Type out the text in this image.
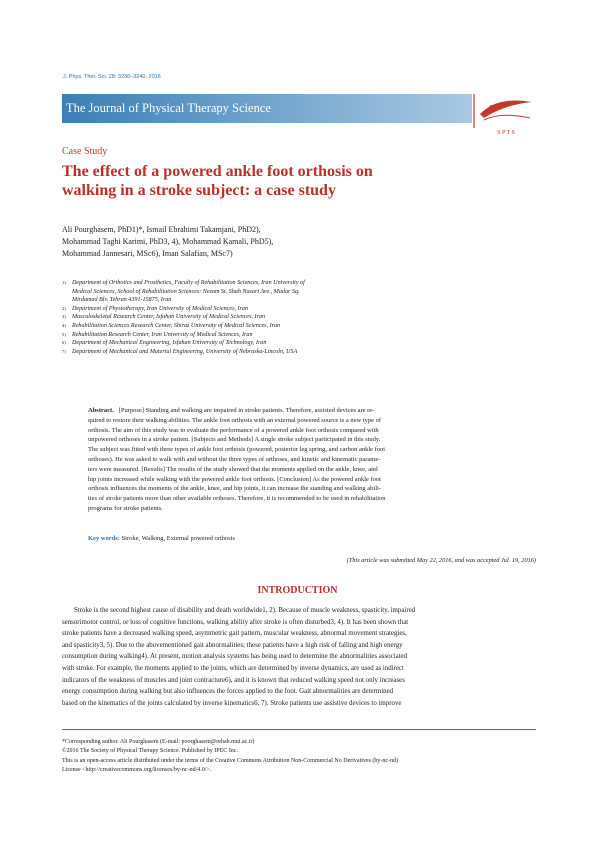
J. Phys. Ther. Sci. 28: 3236–3240, 2016
The Journal of Physical Therapy Science
S P T S
Case Study
The effect of a powered ankle foot orthosis on
walking in a stroke subject: a case study
Ali Pourghasem, PhD1)*, Ismail Ebrahimi Takamjani, PhD2),
Mohammad Taghi Karimi, PhD3, 4), Mohammad Kamali, PhD5),
Mohammad Jannesari, MSc6), Iman Salafian, MSc7)
1)	Department of Orthotics and Prosthetics, Faculty of Rehabilitation Sciences, Iran University of
Medical Sciences, School of Rehabilitation Sciences: Nezam St. Shah Nazari Ave., Madar Sq.
Mirdamad Blv. Tehran 4391-15875, Iran
2)	Department of Physiotherapy, Iran University of Medical Sciences, Iran
3)	Musculoskeletal Research Center, Isfahan University of Medical Sciences, Iran
4)	Rehabilitation Sciences Research Center, Shiraz University of Medical Sciences, Iran
5)	Rehabilitation Research Center, Iran University of Medical Sciences, Iran
6)	Department of Mechanical Engineering, Isfahan University of Technology, Iran
7)	Department of Mechanical and Material Engineering, University of Nebraska-Lincoln, USA
Abstract. [Purpose] Standing and walking are impaired in stroke patients. Therefore, assisted devices are re-
quired to restore their walking abilities. The ankle foot orthosis with an external powered source is a new type of
orthosis. The aim of this study was to evaluate the performance of a powered ankle foot orthosis compared with
unpowered orthoses in a stroke patient. [Subjects and Methods] A single stroke subject participated in this study.
The subject was fitted with three types of ankle foot orthosis (powered, posterior leg spring, and carbon ankle foot
orthoses). He was asked to walk with and without the three types of orthoses, and kinetic and kinematic parame-
ters were measured. [Results] The results of the study showed that the moments applied on the ankle, knee, and
hip joints increased while walking with the powered ankle foot orthosis. [Conclusion] As the powered ankle foot
orthosis influences the moments of the ankle, knee, and hip joints, it can increase the standing and walking abili-
ties of stroke patients more than other available orthoses. Therefore, it is recommended to be used in rehabilitation
programs for stroke patients.
Key words: Stroke, Walking, External powered orthosis
(This article was submitted May 22, 2016, and was accepted Jul. 19, 2016)
INTRODUCTION
Stroke is the second highest cause of disability and death worldwide1, 2). Because of muscle weakness, spasticity, impaired
sensorimotor control, or loss of cognitive functions, walking ability after stroke is often disturbed3, 4). It has been shown that
stroke patients have a decreased walking speed, asymmetric gait pattern, muscular weakness, abnormal movement strategies,
and spasticity3, 5). Due to the abovementioned gait abnormalities; these patients have a high risk of falling and high energy
consumption during walking4). At present, motion analysis systems has being used to determine the abnormalities associated
with stroke. For example, the moments applied to the joints, which are determined by inverse dynamics, are used as indirect
indicators of the weakness of muscles and joint contracture6), and it is known that reduced walking speed not only increases
energy consumption during walking but also influences the forces applied to the foot. Gait abnormalities are determined
based on the kinematics of the joints calculated by inverse kinematics6, 7). Stroke patients use assistive devices to improve
*Corresponding author. Ali Pourghasem (E-mail: poorghasem@rehab.mui.ac.ir)
©2016 The Society of Physical Therapy Science. Published by IPEC Inc.
This is an open-access article distributed under the terms of the Creative Commons Attribution Non-Commercial No Derivatives (by-nc-nd)
License <http://creativecommons.org/licenses/by-nc-nd/4.0/>.
